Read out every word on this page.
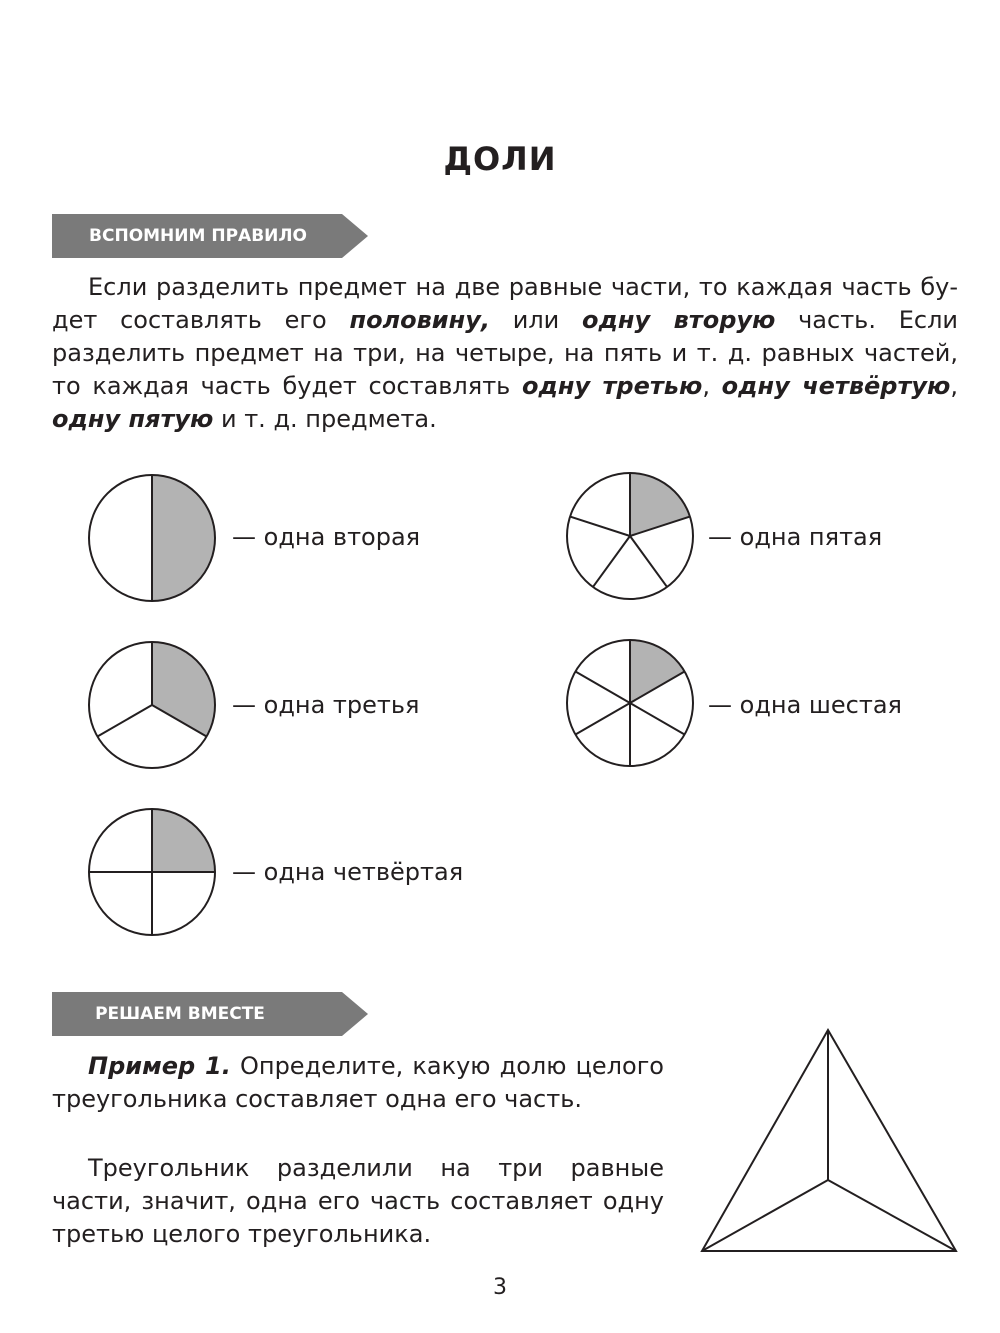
ДОЛИ
ВСПОМНИМ ПРАВИЛО

Если разделить предмет на две равные части, то каждая часть будет составлять его половину, или одну вторую часть. Если разделить предмет на три, на четыре, на пять и т. д. равных частей, то каждая часть будет составлять одну третью, одну четвёртую, одну пятую и т. д. предмета.

— одна вторая
— одна третья
— одна четвёртая
— одна пятая
— одна шестая
РЕШАЕМ ВМЕСТЕ

Пример 1. Определите, какую долю целого треугольника составляет одна его часть.

Треугольник разделили на три равные части, значит, одна его часть составляет одну третью целого треугольника.

3
